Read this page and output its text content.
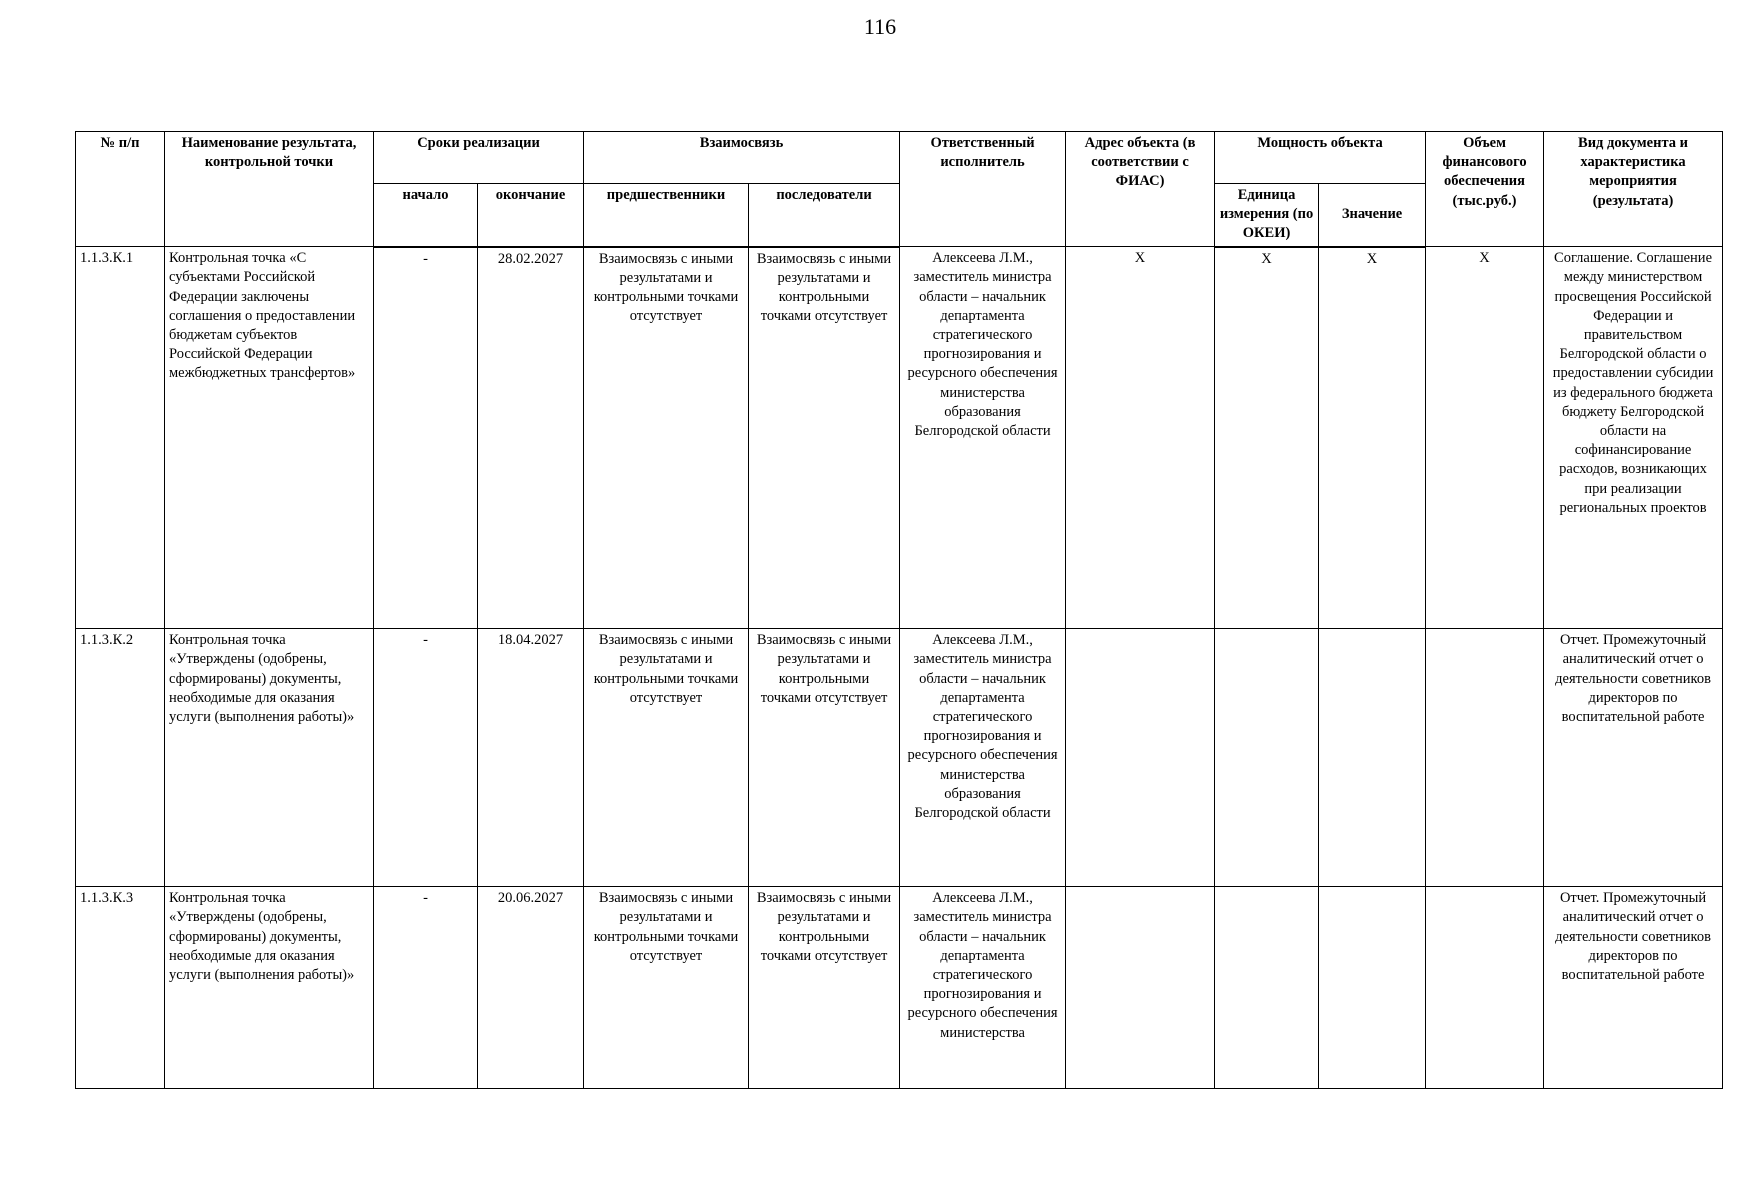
116
№ п/п	Наименование результата, контрольной точки	Сроки реализации		Взаимосвязь		Ответственный исполнитель	Адрес объекта (в соответствии с ФИАС)	Мощность объекта		Объем финансового обеспечения (тыс.руб.)	Вид документа и характеристика мероприятия (результата)
		начало	окончание	предшественники	последователи			Единица измерения (по ОКЕИ)	Значение		
1.1.3.К.1	Контрольная точка «С субъектами Российской Федерации заключены соглашения о предоставлении бюджетам субъектов Российской Федерации межбюджетных трансфертов»	-	28.02.2027	Взаимосвязь с иными результатами и контрольными точками отсутствует	Взаимосвязь с иными результатами и контрольными точками отсутствует	Алексеева Л.М., заместитель министра области – начальник департамента стратегического прогнозирования и ресурсного обеспечения министерства образования Белгородской области	X	X	X	X	Соглашение. Соглашение между министерством просвещения Российской Федерации и правительством Белгородской области о предоставлении субсидии из федерального бюджета бюджету Белгородской области на софинансирование расходов, возникающих при реализации региональных проектов
1.1.3.К.2	Контрольная точка «Утверждены (одобрены, сформированы) документы, необходимые для оказания услуги (выполнения работы)»	-	18.04.2027	Взаимосвязь с иными результатами и контрольными точками отсутствует	Взаимосвязь с иными результатами и контрольными точками отсутствует	Алексеева Л.М., заместитель министра области – начальник департамента стратегического прогнозирования и ресурсного обеспечения министерства образования Белгородской области					Отчет. Промежуточный аналитический отчет о деятельности советников директоров по воспитательной работе
1.1.3.К.3	Контрольная точка «Утверждены (одобрены, сформированы) документы, необходимые для оказания услуги (выполнения работы)»	-	20.06.2027	Взаимосвязь с иными результатами и контрольными точками отсутствует	Взаимосвязь с иными результатами и контрольными точками отсутствует	Алексеева Л.М., заместитель министра области – начальник департамента стратегического прогнозирования и ресурсного обеспечения министерства					Отчет. Промежуточный аналитический отчет о деятельности советников директоров по воспитательной работе
